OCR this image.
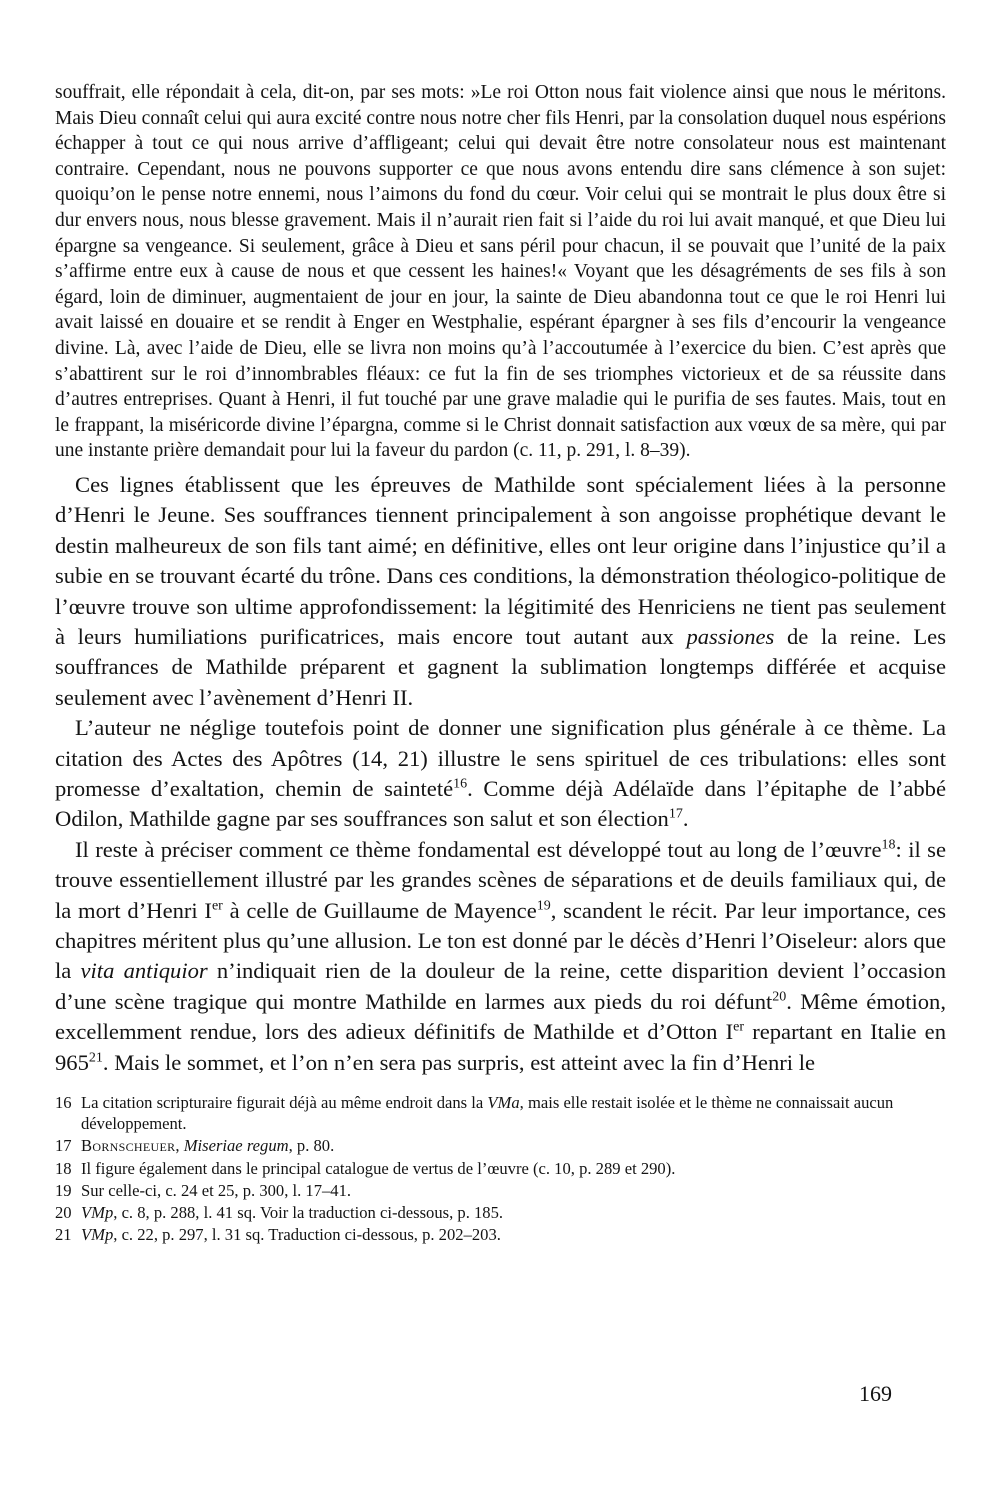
souffrait, elle répondait à cela, dit-on, par ses mots: »Le roi Otton nous fait violence ainsi que nous le méritons. Mais Dieu connaît celui qui aura excité contre nous notre cher fils Henri, par la consolation duquel nous espérions échapper à tout ce qui nous arrive d’affligeant; celui qui devait être notre consolateur nous est maintenant contraire. Cependant, nous ne pouvons supporter ce que nous avons entendu dire sans clémence à son sujet: quoiqu’on le pense notre ennemi, nous l’aimons du fond du cœur. Voir celui qui se montrait le plus doux être si dur envers nous, nous blesse gravement. Mais il n’aurait rien fait si l’aide du roi lui avait manqué, et que Dieu lui épargne sa vengeance. Si seulement, grâce à Dieu et sans péril pour chacun, il se pouvait que l’unité de la paix s’affirme entre eux à cause de nous et que cessent les haines!« Voyant que les désagréments de ses fils à son égard, loin de diminuer, augmentaient de jour en jour, la sainte de Dieu abandonna tout ce que le roi Henri lui avait laissé en douaire et se rendit à Enger en Westphalie, espérant épargner à ses fils d’encourir la vengeance divine. Là, avec l’aide de Dieu, elle se livra non moins qu’à l’accoutumée à l’exercice du bien. C’est après que s’abattirent sur le roi d’innombrables fléaux: ce fut la fin de ses triomphes victorieux et de sa réussite dans d’autres entreprises. Quant à Henri, il fut touché par une grave maladie qui le purifia de ses fautes. Mais, tout en le frappant, la miséricorde divine l’épargna, comme si le Christ donnait satisfaction aux vœux de sa mère, qui par une instante prière demandait pour lui la faveur du pardon (c. 11, p. 291, l. 8–39).

Ces lignes établissent que les épreuves de Mathilde sont spécialement liées à la personne d’Henri le Jeune. Ses souffrances tiennent principalement à son angoisse prophétique devant le destin malheureux de son fils tant aimé; en définitive, elles ont leur origine dans l’injustice qu’il a subie en se trouvant écarté du trône. Dans ces conditions, la démonstration théologico-politique de l’œuvre trouve son ultime approfondissement: la légitimité des Henriciens ne tient pas seulement à leurs humiliations purificatrices, mais encore tout autant aux passiones de la reine. Les souffrances de Mathilde préparent et gagnent la sublimation longtemps différée et acquise seulement avec l’avènement d’Henri II.

L’auteur ne néglige toutefois point de donner une signification plus générale à ce thème. La citation des Actes des Apôtres (14, 21) illustre le sens spirituel de ces tribulations: elles sont promesse d’exaltation, chemin de sainteté$^{16}$. Comme déjà Adélaïde dans l’épitaphe de l’abbé Odilon, Mathilde gagne par ses souffrances son salut et son élection$^{17}$.

Il reste à préciser comment ce thème fondamental est développé tout au long de l’œuvre$^{18}$: il se trouve essentiellement illustré par les grandes scènes de séparations et de deuils familiaux qui, de la mort d’Henri Ier à celle de Guillaume de Mayence$^{19}$, scandent le récit. Par leur importance, ces chapitres méritent plus qu’une allusion. Le ton est donné par le décès d’Henri l’Oiseleur: alors que la vita antiquior n’indiquait rien de la douleur de la reine, cette disparition devient l’occasion d’une scène tragique qui montre Mathilde en larmes aux pieds du roi défunt$^{20}$. Même émotion, excellemment rendue, lors des adieux définitifs de Mathilde et d’Otton Ier repartant en Italie en $965^{21}$. Mais le sommet, et l’on n’en sera pas surpris, est atteint avec la fin d’Henri le

16 La citation scripturaire figurait déjà au même endroit dans la VMa, mais elle restait isolée et le thème ne connaissait aucun développement.
17 Bornscheuer, Miseriae regum, p. 80.
18 Il figure également dans le principal catalogue de vertus de l’œuvre (c. 10, p. 289 et 290).
19 Sur celle-ci, c. 24 et 25, p. 300, l. 17–41.
20 VMp, c. 8, p. 288, l. 41 sq. Voir la traduction ci-dessous, p. 185.
21 VMp, c. 22, p. 297, l. 31 sq. Traduction ci-dessous, p. 202–203.
169
